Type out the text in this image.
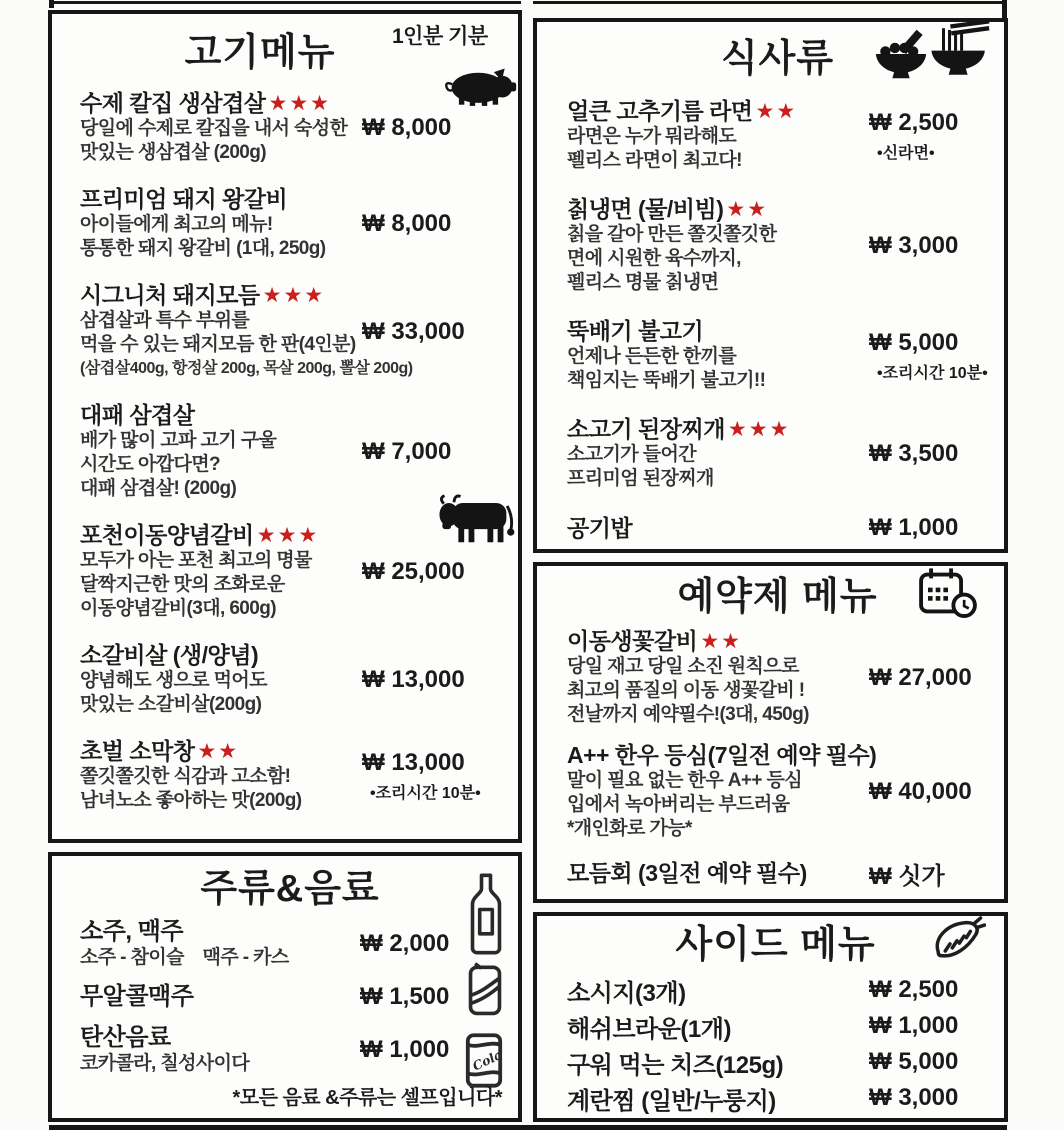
고기메뉴
수제 칼집 생삼겹살 ★★★
당일에 수제로 칼집을 내서 숙성한
맛있는 생삼겹살 (200g)
₩ 8,000
프리미엄 돼지 왕갈비
아이들에게 최고의 메뉴!
통통한 돼지 왕갈비 (1대, 250g)
₩ 8,000
시그니처 돼지모듬 ★★★
삼겹살과 특수 부위를
먹을 수 있는 돼지모듬 한 판(4인분)
(삼겹살400g, 항정살 200g, 목살 200g, 뽈살 200g)
₩ 33,000
대패 삼겹살
배가 많이 고파 고기 구울
시간도 아깝다면?
대패 삼겹살! (200g)
₩ 7,000
포천이동양념갈비 ★★★
모두가 아는 포천 최고의 명물
달짝지근한 맛의 조화로운
이동양념갈비(3대, 600g)
₩ 25,000
소갈비살 (생/양념)
양념해도 생으로 먹어도
맛있는 소갈비살(200g)
₩ 13,000
초벌 소막창 ★★
쫄깃쫄깃한 식감과 고소함!
남녀노소 좋아하는 맛(200g)
₩ 13,000
•조리시간 10분•
1인분 기분
식사류
얼큰 고추기름 라면 ★★
라면은 누가 뭐라해도
펠리스 라면이 최고다!
₩ 2,500
•신라면•
칡냉면 (물/비빔) ★★
칡을 갈아 만든 쫄깃쫄깃한
면에 시원한 육수까지,
펠리스 명물 칡냉면
₩ 3,000
뚝배기 불고기
언제나 든든한 한끼를
책임지는 뚝배기 불고기!!
₩ 5,000
•조리시간 10분•
소고기 된장찌개 ★★★
소고기가 들어간
프리미엄 된장찌개
₩ 3,500
공기밥	₩ 1,000
예약제 메뉴
이동생꽃갈비 ★★
당일 재고 당일 소진 원칙으로
최고의 품질의 이동 생꽃갈비 !
전날까지 예약필수!(3대, 450g)
₩ 27,000
A++ 한우 등심(7일전 예약 필수)
말이 필요 없는 한우 A++ 등심
입에서 녹아버리는 부드러움
*개인화로 가능*
₩ 40,000
모듬회 (3일전 예약 필수)	₩ 싯가
주류&음료
소주, 맥주
소주 - 참이슬    맥주 - 카스
₩ 2,000
무알콜맥주	₩ 1,500
탄산음료
코카콜라, 칠성사이다
₩ 1,000
*모든 음료 &주류는 셀프입니다*
Cola
사이드 메뉴
소시지(3개)	₩ 2,500
해쉬브라운(1개)	₩ 1,000
구워 먹는 치즈(125g)	₩ 5,000
계란찜 (일반/누룽지)	₩ 3,000
